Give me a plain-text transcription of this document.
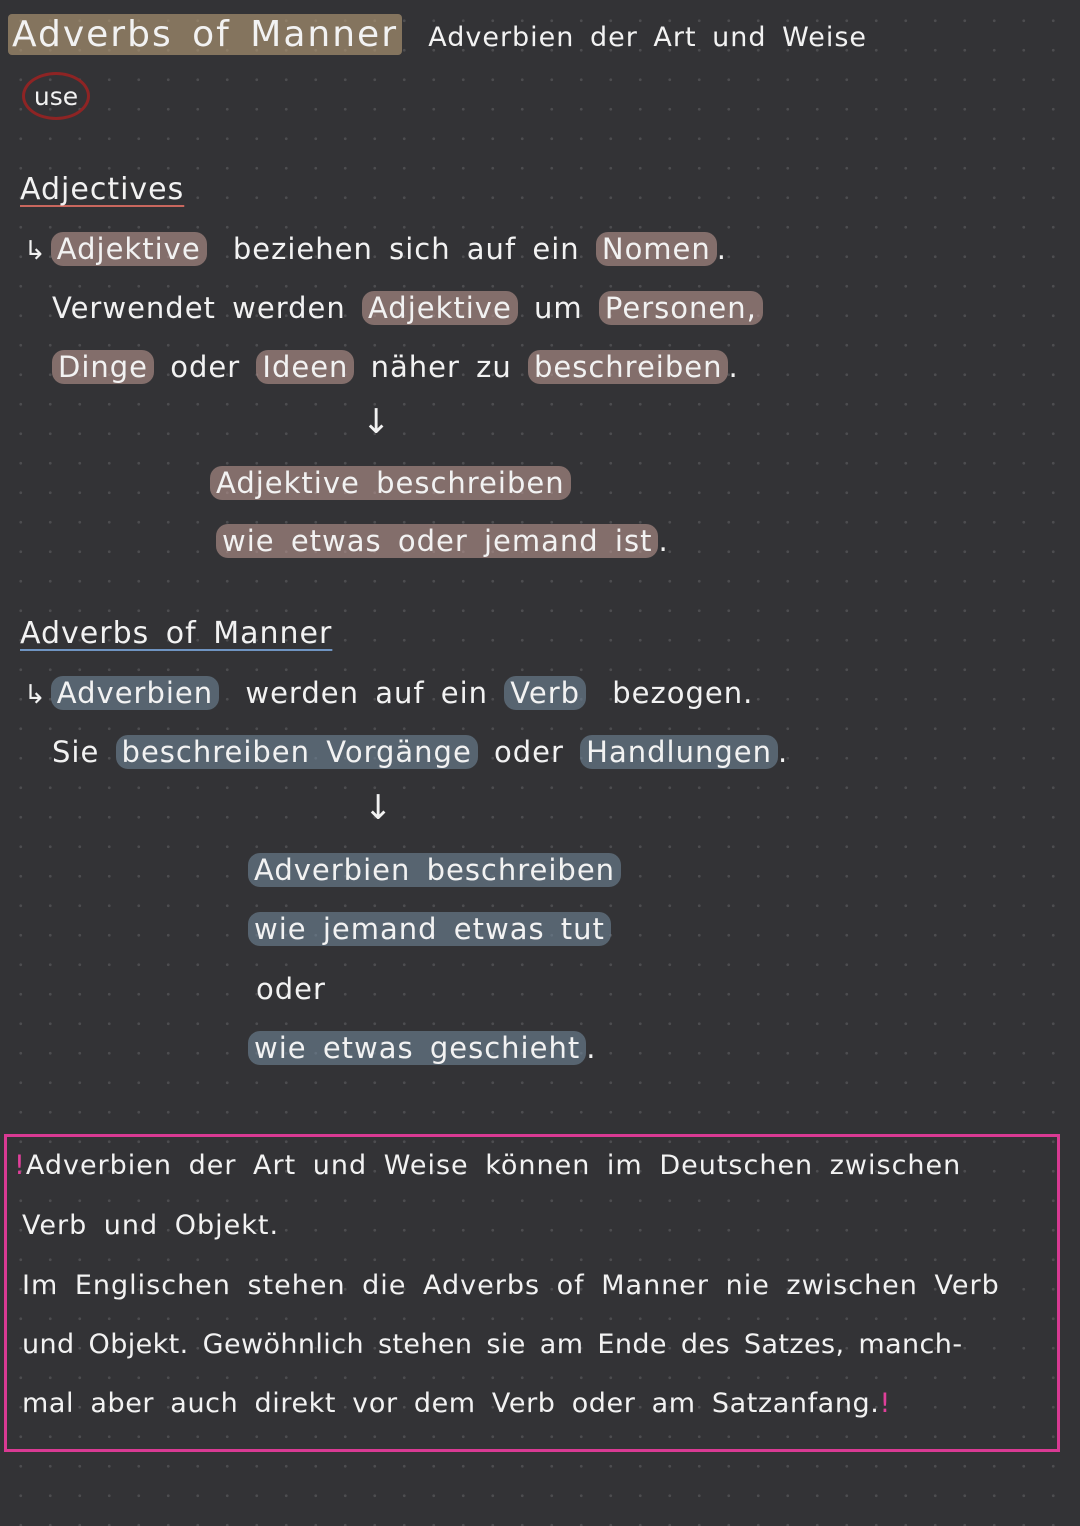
Adverbs of Manner Adverbien der Art und Weise
use
Adjectives
↳ Adjektive beziehen sich auf ein Nomen .
Verwendet werden Adjektive um Personen,
Dinge oder Ideen näher zu beschreiben .
↓
Adjektive beschreiben
wie etwas oder jemand ist .
Adverbs of Manner
↳ Adverbien werden auf ein Verb bezogen.
Sie beschreiben Vorgänge oder Handlungen .
↓
Adverbien beschreiben
wie jemand etwas tut
oder
wie etwas geschieht .
!Adverbien der Art und Weise können im Deutschen zwischen
Verb und Objekt.
Im Englischen stehen die Adverbs of Manner nie zwischen Verb
und Objekt. Gewöhnlich stehen sie am Ende des Satzes, manch-
mal aber auch direkt vor dem Verb oder am Satzanfang.!
